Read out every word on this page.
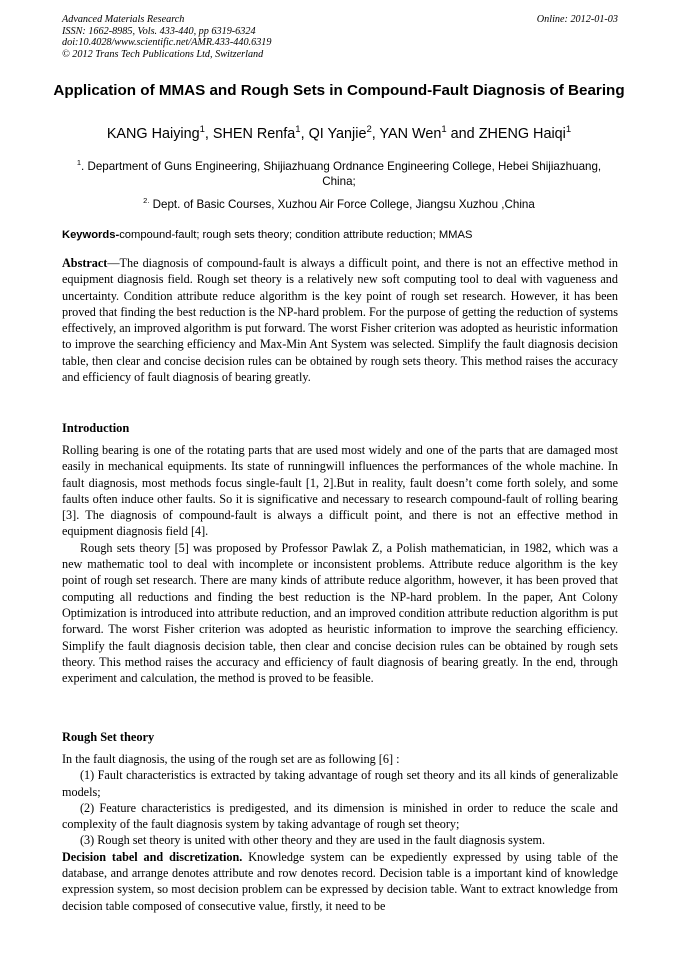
Advanced Materials Research
ISSN: 1662-8985, Vols. 433-440, pp 6319-6324
doi:10.4028/www.scientific.net/AMR.433-440.6319
© 2012 Trans Tech Publications Ltd, Switzerland
Online: 2012-01-03
Application of MMAS and Rough Sets in Compound-Fault Diagnosis of Bearing
KANG Haiying$^1$, SHEN Renfa$^1$, QI Yanjie$^2$, YAN Wen$^1$ and ZHENG Haiqi$^1$
$^1$. Department of Guns Engineering, Shijiazhuang Ordnance Engineering College, Hebei Shijiazhuang, China;
$^{2.}$ Dept. of Basic Courses, Xuzhou Air Force College, Jiangsu Xuzhou ,China
Keywords-compound-fault; rough sets theory; condition attribute reduction; MMAS

Abstract—The diagnosis of compound-fault is always a difficult point, and there is not an effective method in equipment diagnosis field. Rough set theory is a relatively new soft computing tool to deal with vagueness and uncertainty. Condition attribute reduce algorithm is the key point of rough set research. However, it has been proved that finding the best reduction is the NP-hard problem. For the purpose of getting the reduction of systems effectively, an improved algorithm is put forward. The worst Fisher criterion was adopted as heuristic information to improve the searching efficiency and Max-Min Ant System was selected. Simplify the fault diagnosis decision table, then clear and concise decision rules can be obtained by rough sets theory. This method raises the accuracy and efficiency of fault diagnosis of bearing greatly.

Introduction

Rolling bearing is one of the rotating parts that are used most widely and one of the parts that are damaged most easily in mechanical equipments. Its state of runningwill influences the performances of the whole machine. In fault diagnosis, most methods focus single-fault [1, 2].But in reality, fault doesn’t come forth solely, and some faults often induce other faults. So it is significative and necessary to research compound-fault of rolling bearing [3]. The diagnosis of compound-fault is always a difficult point, and there is not an effective method in equipment diagnosis field [4].

Rough sets theory [5] was proposed by Professor Pawlak Z, a Polish mathematician, in 1982, which was a new mathematic tool to deal with incomplete or inconsistent problems. Attribute reduce algorithm is the key point of rough set research. There are many kinds of attribute reduce algorithm, however, it has been proved that computing all reductions and finding the best reduction is the NP-hard problem. In the paper, Ant Colony Optimization is introduced into attribute reduction, and an improved condition attribute reduction algorithm is put forward. The worst Fisher criterion was adopted as heuristic information to improve the searching efficiency. Simplify the fault diagnosis decision table, then clear and concise decision rules can be obtained by rough sets theory. This method raises the accuracy and efficiency of fault diagnosis of bearing greatly. In the end, through experiment and calculation, the method is proved to be feasible.

Rough Set theory

In the fault diagnosis, the using of the rough set are as following [6] :

(1) Fault characteristics is extracted by taking advantage of rough set theory and its all kinds of generalizable models;

(2) Feature characteristics is predigested, and its dimension is minished in order to reduce the scale and complexity of the fault diagnosis system by taking advantage of rough set theory;

(3) Rough set theory is united with other theory and they are used in the fault diagnosis system.

Decision tabel and discretization. Knowledge system can be expediently expressed by using table of the database, and arrange denotes attribute and row denotes record. Decision table is a important kind of knowledge expression system, so most decision problem can be expressed by decision table. Want to extract knowledge from decision table composed of consecutive value, firstly, it need to be
